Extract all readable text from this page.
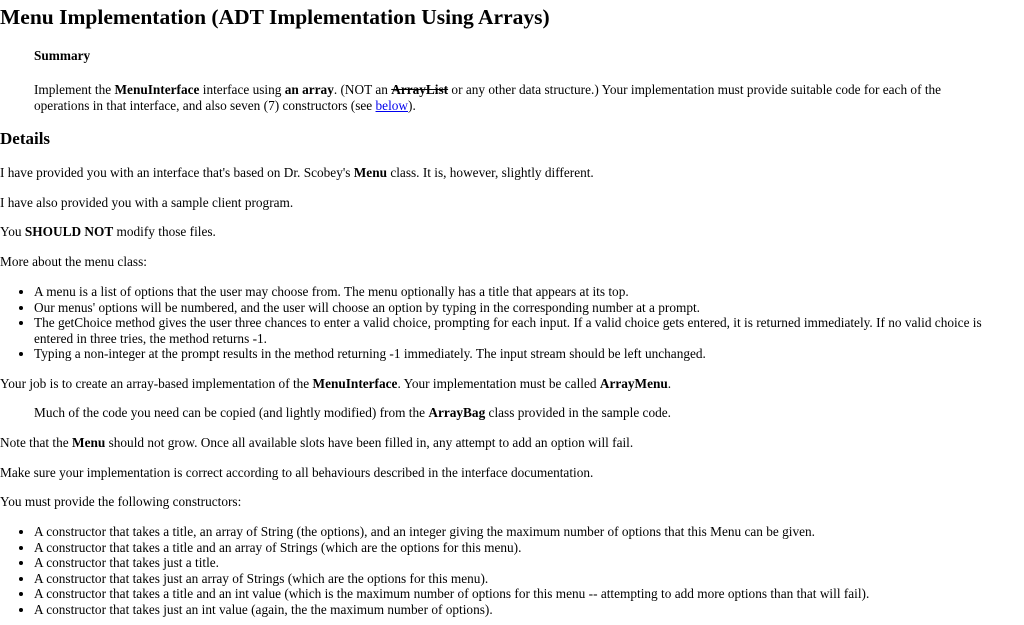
Menu Implementation (ADT Implementation Using Arrays)
Summary

Implement the MenuInterface interface using an array. (NOT an ArrayList or any other data structure.) Your implementation must provide suitable code for each of the operations in that interface, and also seven (7) constructors (see below).

Details

I have provided you with an interface that's based on Dr. Scobey's Menu class. It is, however, slightly different.

I have also provided you with a sample client program.

You SHOULD NOT modify those files.

More about the menu class:

• A menu is a list of options that the user may choose from. The menu optionally has a title that appears at its top.
• Our menus' options will be numbered, and the user will choose an option by typing in the corresponding number at a prompt.
• The getChoice method gives the user three chances to enter a valid choice, prompting for each input. If a valid choice gets entered, it is returned immediately. If no valid choice is entered in three tries, the method returns -1.
• Typing a non-integer at the prompt results in the method returning -1 immediately. The input stream should be left unchanged.

Your job is to create an array-based implementation of the MenuInterface. Your implementation must be called ArrayMenu.

Much of the code you need can be copied (and lightly modified) from the ArrayBag class provided in the sample code.

Note that the Menu should not grow. Once all available slots have been filled in, any attempt to add an option will fail.

Make sure your implementation is correct according to all behaviours described in the interface documentation.

You must provide the following constructors:

• A constructor that takes a title, an array of String (the options), and an integer giving the maximum number of options that this Menu can be given.
• A constructor that takes a title and an array of Strings (which are the options for this menu).
• A constructor that takes just a title.
• A constructor that takes just an array of Strings (which are the options for this menu).
• A constructor that takes a title and an int value (which is the maximum number of options for this menu -- attempting to add more options than that will fail).
• A constructor that takes just an int value (again, the the maximum number of options).
